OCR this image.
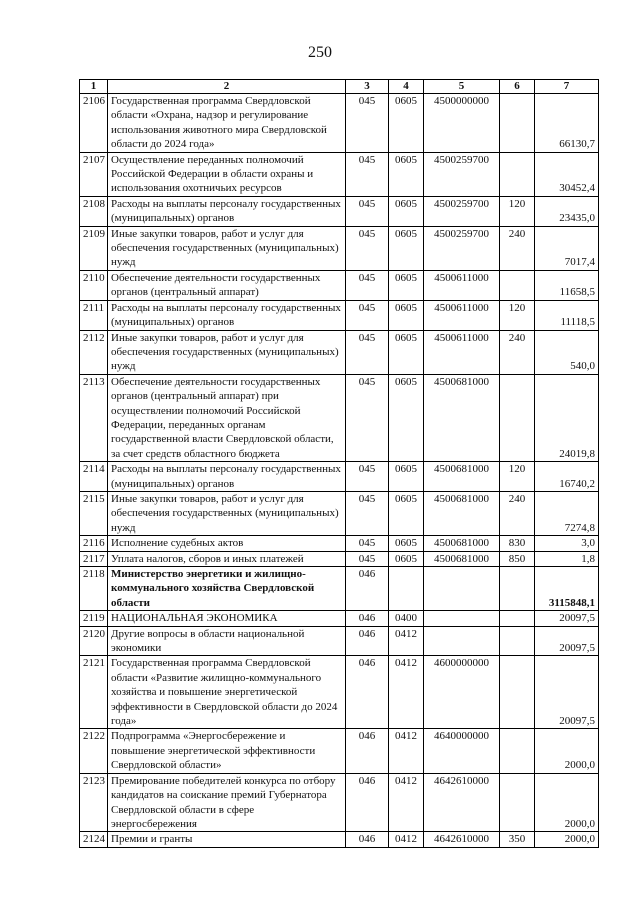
250
1	2	3	4	5	6	7
2106	Государственная программа Свердловской области «Охрана, надзор и регулирование использования животного мира Свердловской области до 2024 года»	045	0605	4500000000		66130,7
2107	Осуществление переданных полномочий Российской Федерации в области охраны и использования охотничьих ресурсов	045	0605	4500259700		30452,4
2108	Расходы на выплаты персоналу государственных (муниципальных) органов	045	0605	4500259700	120	23435,0
2109	Иные закупки товаров, работ и услуг для обеспечения государственных (муниципальных) нужд	045	0605	4500259700	240	7017,4
2110	Обеспечение деятельности государственных органов (центральный аппарат)	045	0605	4500611000		11658,5
2111	Расходы на выплаты персоналу государственных (муниципальных) органов	045	0605	4500611000	120	11118,5
2112	Иные закупки товаров, работ и услуг для обеспечения государственных (муниципальных) нужд	045	0605	4500611000	240	540,0
2113	Обеспечение деятельности государственных органов (центральный аппарат) при осуществлении полномочий Российской Федерации, переданных органам государственной власти Свердловской области, за счет средств областного бюджета	045	0605	4500681000		24019,8
2114	Расходы на выплаты персоналу государственных (муниципальных) органов	045	0605	4500681000	120	16740,2
2115	Иные закупки товаров, работ и услуг для обеспечения государственных (муниципальных) нужд	045	0605	4500681000	240	7274,8
2116	Исполнение судебных актов	045	0605	4500681000	830	3,0
2117	Уплата налогов, сборов и иных платежей	045	0605	4500681000	850	1,8
2118	Министерство энергетики и жилищно-коммунального хозяйства Свердловской области	046				3115848,1
2119	НАЦИОНАЛЬНАЯ ЭКОНОМИКА	046	0400			20097,5
2120	Другие вопросы в области национальной экономики	046	0412			20097,5
2121	Государственная программа Свердловской области «Развитие жилищно-коммунального хозяйства и повышение энергетической эффективности в Свердловской области до 2024 года»	046	0412	4600000000		20097,5
2122	Подпрограмма «Энергосбережение и повышение энергетической эффективности Свердловской области»	046	0412	4640000000		2000,0
2123	Премирование победителей конкурса по отбору кандидатов на соискание премий Губернатора Свердловской области в сфере энергосбережения	046	0412	4642610000		2000,0
2124	Премии и гранты	046	0412	4642610000	350	2000,0
